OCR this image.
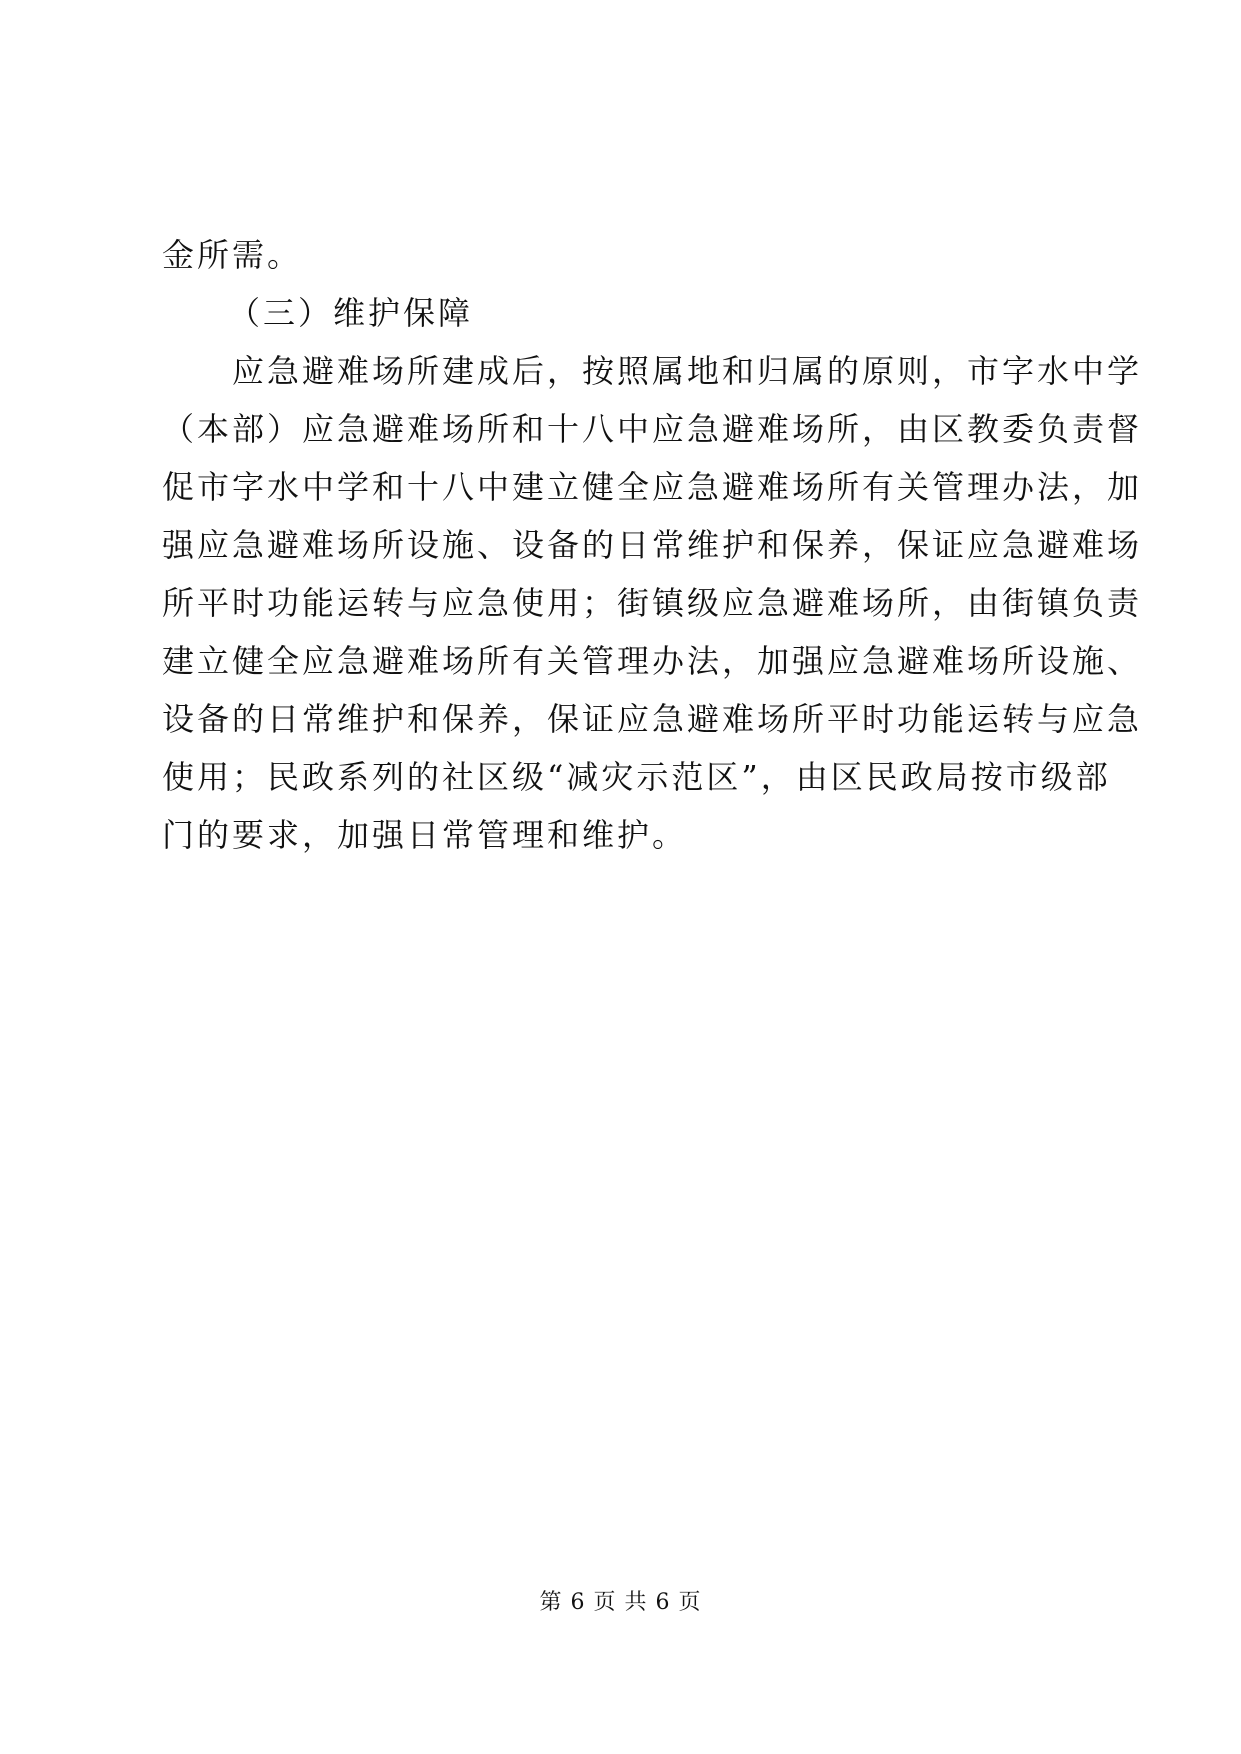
金所需。
（三）维护保障
应急避难场所建成后，按照属地和归属的原则，市字水中学
（本部）应急避难场所和十八中应急避难场所，由区教委负责督
促市字水中学和十八中建立健全应急避难场所有关管理办法，加
强应急避难场所设施、设备的日常维护和保养，保证应急避难场
所平时功能运转与应急使用；街镇级应急避难场所，由街镇负责
建立健全应急避难场所有关管理办法，加强应急避难场所设施、
设备的日常维护和保养，保证应急避难场所平时功能运转与应急
使用；民政系列的社区级“减灾示范区”，由区民政局按市级部
门的要求，加强日常管理和维护。
第 6 页 共 6 页
